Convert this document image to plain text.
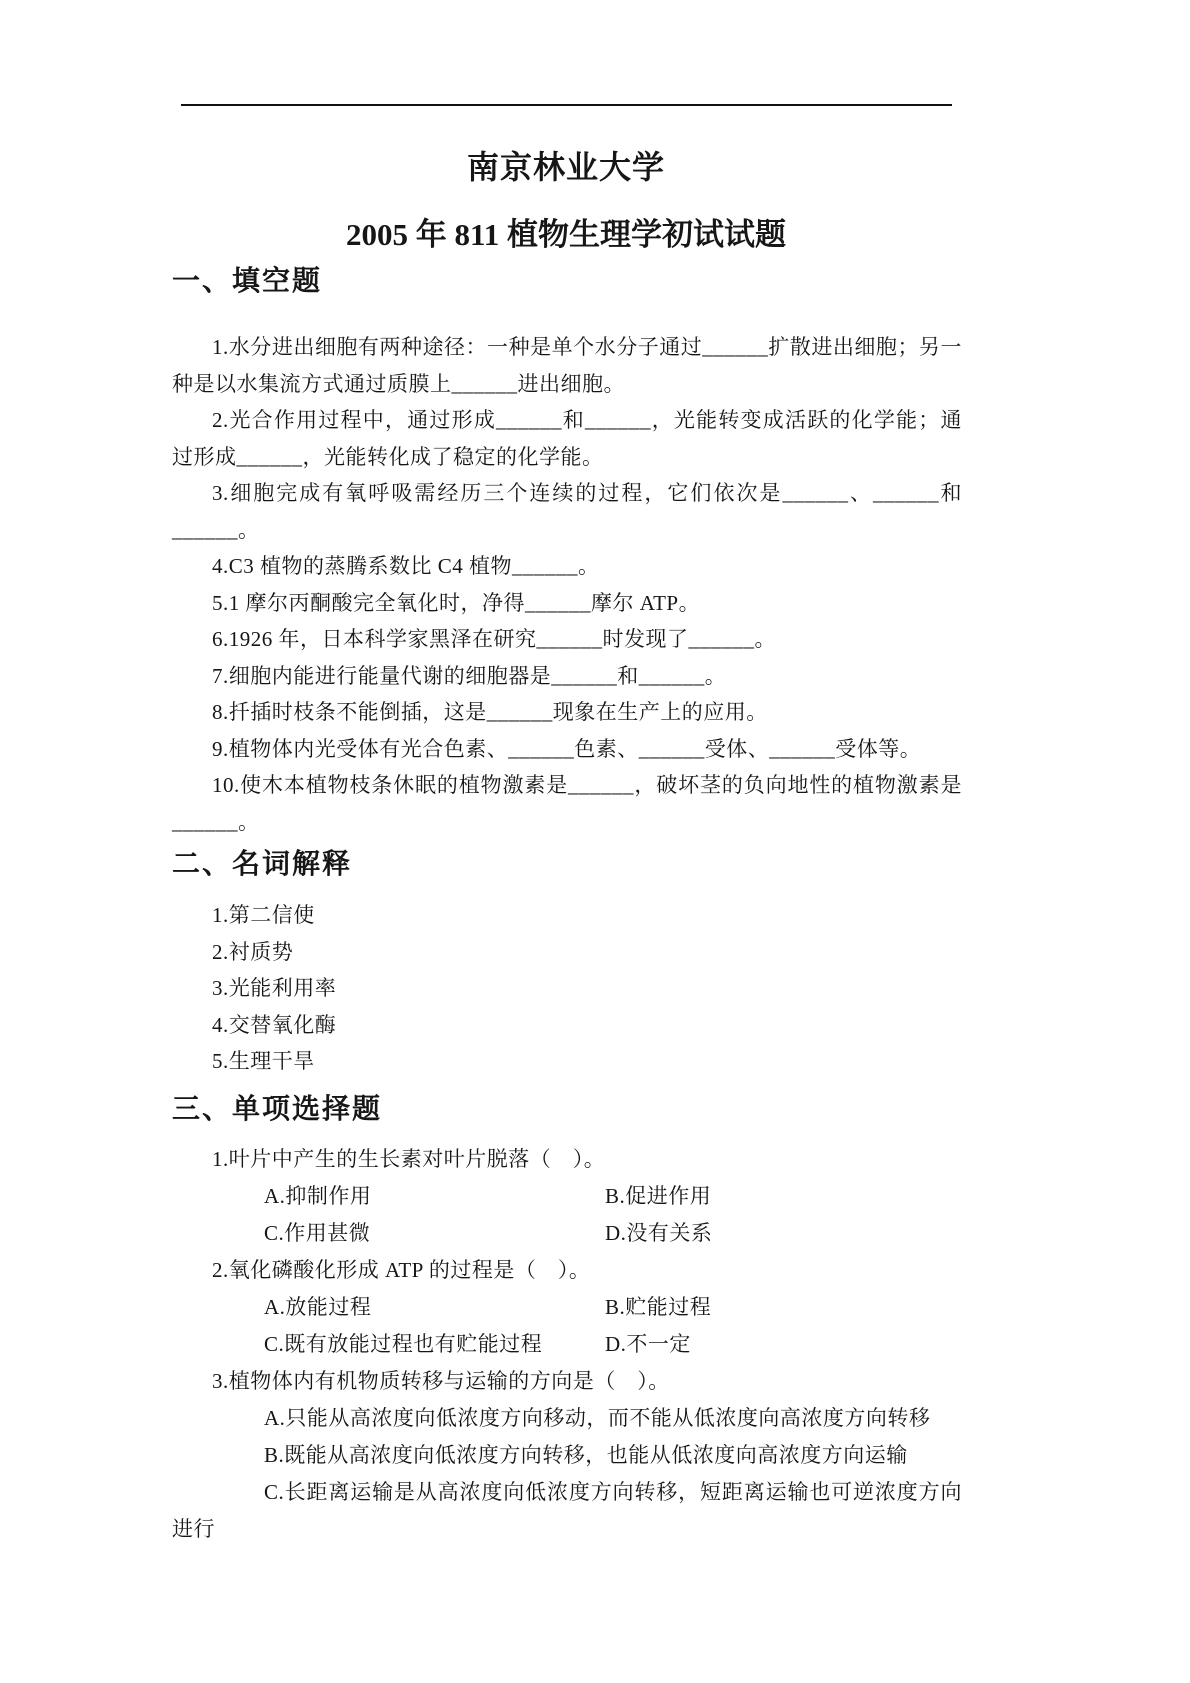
南京林业大学
2005 年 811 植物生理学初试试题
一、填空题

1.水分进出细胞有两种途径：一种是单个水分子通过______扩散进出细胞；另一种是以水集流方式通过质膜上______进出细胞。

2.光合作用过程中，通过形成______和______，光能转变成活跃的化学能；通过形成______，光能转化成了稳定的化学能。

3.细胞完成有氧呼吸需经历三个连续的过程，它们依次是______、______和______。

4.C3 植物的蒸腾系数比 C4 植物______。

5.1 摩尔丙酮酸完全氧化时，净得______摩尔 ATP。

6.1926 年，日本科学家黑泽在研究______时发现了______。

7.细胞内能进行能量代谢的细胞器是______和______。

8.扦插时枝条不能倒插，这是______现象在生产上的应用。

9.植物体内光受体有光合色素、______色素、______受体、______受体等。

10.使木本植物枝条休眠的植物激素是______，破坏茎的负向地性的植物激素是______。

二、名词解释

1.第二信使

2.衬质势

3.光能利用率

4.交替氧化酶

5.生理干旱

三、单项选择题

1.叶片中产生的生长素对叶片脱落（　）。

A.抑制作用	B.促进作用
C.作用甚微	D.没有关系

2.氧化磷酸化形成 ATP 的过程是（　）。

A.放能过程	B.贮能过程
C.既有放能过程也有贮能过程	D.不一定

3.植物体内有机物质转移与运输的方向是（　）。

A.只能从高浓度向低浓度方向移动，而不能从低浓度向高浓度方向转移

B.既能从高浓度向低浓度方向转移，也能从低浓度向高浓度方向运输

C.长距离运输是从高浓度向低浓度方向转移，短距离运输也可逆浓度方向进行
